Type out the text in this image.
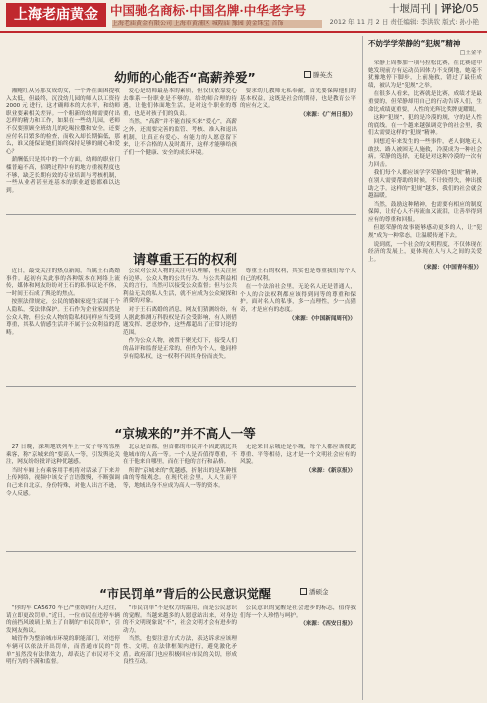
上海老庙黄金 中国驰名商标·中国名牌·中华老字号
上海老庙黄金有限公司 上海市黄浦区 城隍庙 豫园 黄金珠宝 首饰
十堰周刊 | 评论/05
2012 年 11 月 2 日 责任编辑: 李洪钦 版式: 孙小艳
幼师的心能否“高薪养爱”	滕英杰

湘鲍红从另那女成幼女，一个外在面困提收入太低，但最终，沉没幼儿园的师人以工资待 2000 元 进行，这才确师本的大水平，和幼师职业要素相关差异。一个粗新的幼师需要付出怎样的精力和工作，如果在一些幼儿园，老师不仅要照顾全班幼儿的吃喝拉撒和安全，还要应付名目繁多的检查，而收入却长期偏低，那么，谁又能保证她们始终保持足够的耐心和爱心？

薪酬低只是其中的一个方面，幼师的职业门槛普遍不高，招聘过程中有的地方重视程度也不够，缺乏长期有效的专业培训与考核机制，一些从业者甚至连基本的职业道德都难以达到。

爱心是幼师最基本的素质，但仅仅依靠爱心去维系一份职业是不够的。给幼师合理的待遇，让他们体面地生活，是对这个职业的尊重，也是对孩子们的负责。

当然，“高薪”并不能直接买来“爱心”，高薪之外，还需要完善的监管、考核、准入和退出机制，让真正有爱心、有能力的人愿意留下来，让不合格的人及时离开，这样才能够给孩子们一个健康、安全的成长环境。

要求幼儿教师无私奉献，首先要保障他们的基本权益，这既是社会的期待，也是教育公平的应有之义。

（来源：《广州日报》）

请尊重王石的权利

近日，最受关注的热点新闻，当属王石离婚事件。起初有关此事的各种版本在网络上流传，媒体和网友纷纷对王石的私事议论不休，一时间王石成了舆论的焦点。

按照法律规定，公民的婚姻家庭生活属于个人隐私，受法律保护。王石作为企业家固然是公众人物，但公众人物的隐私权同样应当受到尊重，其私人情感生活并不属于公众利益的范畴。

公众对公众人物的关注可以理解，但关注应有边界。公众人物的公共行为、与公共利益相关的言行，当然可以接受公众监督；但与公共利益无关的私人生活，就不应成为公众窥探和消费的对象。

对于王石离婚的消息，网友们猜测纷纷，有人据此推测万科股权是否会受影响，有人则借题发挥、恶意炒作，这些都超出了正常讨论的范围。

作为公众人物，被置于聚光灯下，接受人们的品评和监督是正常的，但作为个人，他同样享有隐私权，这一权利不因其身份而丧失。

尊重王石的权利，其实也是尊重我们每个人自己的权利。

在一个法治社会里，无论名人还是普通人，个人的合法权利都应该得到同等的尊重和保护。面对名人的私事，多一点理性，少一点猎奇，才是应有的态度。

（来源：《中国新闻周刊》）

“京城来的”并不高人一等

27 日晚，深圳地铁列车上一女子辱骂邻座乘客，称“京城来的”要高人一等，引发舆论关注，网友纷纷批评这种优越感。

当时车厢上有乘客用手机将对话录了下来并上传网络，视频中该女子言语傲慢，不断强调自己来自北京，身份特殊，对他人出言不逊，令人反感。

北京是首都，但首都的市民并不因此就比其他城市的人高一等。一个人是否值得尊重，不在于他来自哪里，而在于他的言行和品格。

所谓“京城来的”优越感，折射出的是某种扭曲的等级观念。在现代社会里，人人生而平等，地域出身不应成为高人一等的资本。

无论来自京城还是小城，每个人都应该彼此尊重、平等相待，这才是一个文明社会应有的风貌。

（来源：《新京报》）

“市民罚单”背后的公民意识觉醒	潘硕金

“你的车 CA5670 车已严重妨碍行人过往，请立即更改罚单。”近日，一位市民在违停车辆的前挡风玻璃上贴上了自制的“市民罚单”，引发网友热议。

城管作为整治城市环境的职能部门，对违停车辆可以依法开出罚单，而普通市民的“罚单”虽然没有法律效力，却表达了市民对不文明行为的不满和监督。

“市民罚单”不是权力的滥用，而是公民意识的觉醒。当越来越多的人愿意站出来，对身边的不文明现象说“不”，社会文明才会有进步的动力。

当然，也要注意方式方法，表达诉求应该理性、文明，在法律框架内进行，避免激化矛盾。政府部门也应积极回应市民的关切，形成良性互动。

公民意识的觉醒是社会进步的标志，值得我们每一个人珍惜与呵护。

（来源：《西安日报》）

不妨学学荣静的“犯规”精神
□王金平

荣静上周参加一项马拉松比赛，在比赛途中她发现前方有运动员因体力不支倒地，她毫不犹豫地停下脚步，上前施救，错过了最佳成绩，被认为是“犯规”之举。

在很多人看来，比赛就是比赛，成绩才是最重要的，但荣静却用自己的行动告诉人们，生命比成绩更重要，人性的光辉比奖牌更耀眼。

这种“犯规”，犯的是冷漠的规，守的是人性的底线。在一个越来越强调竞争的社会里，我们太需要这样的“犯规”精神。

回想近年来发生的一些事件，老人倒地无人敢扶、路人被困无人施救，冷漠成为一种社会病。荣静的选择，无疑是对这种冷漠的一次有力回击。

我们每个人都应该学学荣静的“犯规”精神，在别人需要帮助的时候，不计较得失，伸出援助之手。这样的“犯规”越多，我们的社会就会越温暖。

当然，鼓励这种精神，也需要有相应的制度保障，让好心人不再流血又流泪，让善举得到应有的尊重和回报。

但愿荣静的故事能够感动更多的人，让“犯规”成为一种常态，让温暖传递下去。

说到底，一个社会的文明程度，不仅体现在经济的发展上，更体现在人与人之间的关爱上。

（来源：《中国青年报》）
